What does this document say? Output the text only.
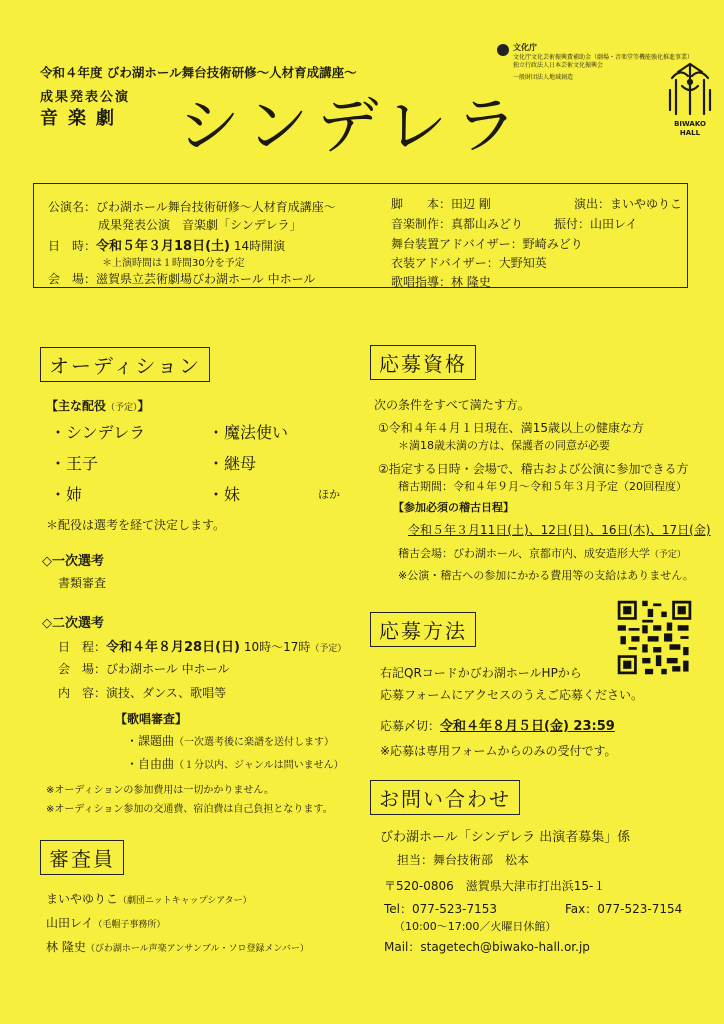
令和４年度 びわ湖ホール舞台技術研修〜人材育成講座〜
成果発表公演
音楽劇 シンデレラ
文化庁
文化庁文化芸術振興費補助金（劇場・音楽堂等機能強化推進事業）
独立行政法人日本芸術文化振興会
一般財団法人地域創造
BIWAKO
HALL
公演名：びわ湖ホール舞台技術研修〜人材育成講座〜
成果発表公演　音楽劇「シンデレラ」
日　時：令和５年３月18日(土) 14時開演
＊上演時間は１時間30分を予定
会　場：滋賀県立芸術劇場びわ湖ホール 中ホール
脚　　本：田辺 剛	演出：まいやゆりこ
音楽制作：真都山みどり	振付：山田レイ
舞台装置アドバイザー：野崎みどり
衣装アドバイザー：大野知英
歌唱指導：林 隆史
オーディション
【主な配役（予定）】
・シンデレラ	・魔法使い
・王子	・継母
・姉	・妹	ほか
＊配役は選考を経て決定します。
◇一次選考
書類審査
◇二次選考
日　程：令和４年８月28日(日) 10時〜17時（予定）
会　場：びわ湖ホール 中ホール
内　容：演技、ダンス、歌唱等
【歌唱審査】
・課題曲（一次選考後に楽譜を送付します）
・自由曲（１分以内、ジャンルは問いません）
※オーディションの参加費用は一切かかりません。
※オーディション参加の交通費、宿泊費は自己負担となります。
審査員
まいやゆりこ（劇団ニットキャップシアター）
山田レイ（毛帽子事務所）
林 隆史（びわ湖ホール声楽アンサンブル・ソロ登録メンバー）
応募資格
次の条件をすべて満たす方。
①令和４年４月１日現在、満15歳以上の健康な方
＊満18歳未満の方は、保護者の同意が必要
②指定する日時・会場で、稽古および公演に参加できる方
稽古期間：令和４年９月〜令和５年３月予定（20回程度）
【参加必須の稽古日程】
令和５年３月11日(土)、12日(日)、16日(木)、17日(金)
稽古会場：びわ湖ホール、京都市内、成安造形大学（予定）
※公演・稽古への参加にかかる費用等の支給はありません。
応募方法
右記QRコードかびわ湖ホールHPから
応募フォームにアクセスのうえご応募ください。
応募〆切：令和４年８月５日(金) 23:59
※応募は専用フォームからのみの受付です。
お問い合わせ
びわ湖ホール「シンデレラ 出演者募集」係
担当：舞台技術部　松本
〒520-0806　滋賀県大津市打出浜15-１
Tel：077-523-7153	Fax：077-523-7154
（10:00〜17:00／火曜日休館）
Mail：stagetech@biwako-hall.or.jp
